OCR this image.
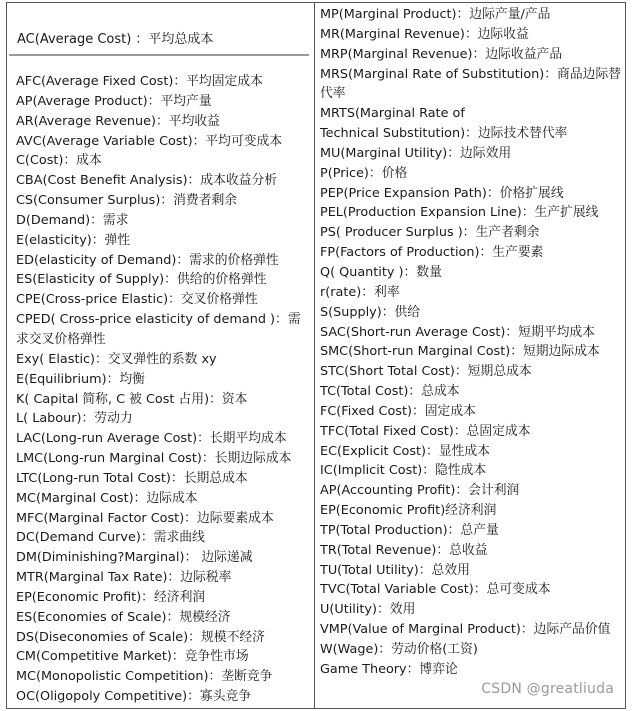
AC(Average Cost) ：平均总成本
AFC(Average Fixed Cost)：平均固定成本
AP(Average Product)：平均产量
AR(Average Revenue)：平均收益
AVC(Average Variable Cost)：平均可变成本
C(Cost)：成本
CBA(Cost Benefit Analysis)：成本收益分析
CS(Consumer Surplus)：消费者剩余
D(Demand)：需求
E(elasticity)：弹性
ED(elasticity of Demand)：需求的价格弹性
ES(Elasticity of Supply)：供给的价格弹性
CPE(Cross-price Elastic)：交叉价格弹性
CPED( Cross-price elasticity of demand )：需求交叉价格弹性
Exy( Elastic)：交叉弹性的系数 xy
E(Equilibrium)：均衡
K( Capital 简称, C 被 Cost 占用)：资本
L( Labour)：劳动力
LAC(Long-run Average Cost)：长期平均成本
LMC(Long-run Marginal Cost)：长期边际成本
LTC(Long-run Total Cost)：长期总成本
MC(Marginal Cost)：边际成本
MFC(Marginal Factor Cost)：边际要素成本
DC(Demand Curve)：需求曲线
DM(Diminishing?Marginal)： 边际递减
MTR(Marginal Tax Rate)：边际税率
EP(Economic Profit)：经济利润
ES(Economies of Scale)：规模经济
DS(Diseconomies of Scale)：规模不经济
CM(Competitive Market)：竞争性市场
MC(Monopolistic Competition)：垄断竞争
OC(Oligopoly Competitive)：寡头竞争
MP(Marginal Product)：边际产量/产品
MR(Marginal Revenue)：边际收益
MRP(Marginal Revenue)：边际收益产品
MRS(Marginal Rate of Substitution)：商品边际替代率
MRTS(Marginal Rate of
Technical Substitution)：边际技术替代率
MU(Marginal Utility)：边际效用
P(Price)：价格
PEP(Price Expansion Path)：价格扩展线
PEL(Production Expansion Line)：生产扩展线
PS( Producer Surplus )：生产者剩余
FP(Factors of Production)：生产要素
Q( Quantity )：数量
r(rate)：利率
S(Supply)：供给
SAC(Short-run Average Cost)：短期平均成本
SMC(Short-run Marginal Cost)：短期边际成本
STC(Short Total Cost)：短期总成本
TC(Total Cost)：总成本
FC(Fixed Cost)：固定成本
TFC(Total Fixed Cost)：总固定成本
EC(Explicit Cost)：显性成本
IC(Implicit Cost)：隐性成本
AP(Accounting Profit)：会计利润
EP(Economic Profit)经济利润
TP(Total Production)：总产量
TR(Total Revenue)：总收益
TU(Total Utility)：总效用
TVC(Total Variable Cost)：总可变成本
U(Utility)：效用
VMP(Value of Marginal Product)：边际产品价值
W(Wage)：劳动价格(工资)
Game Theory：博弈论
CSDN @greatliuda
